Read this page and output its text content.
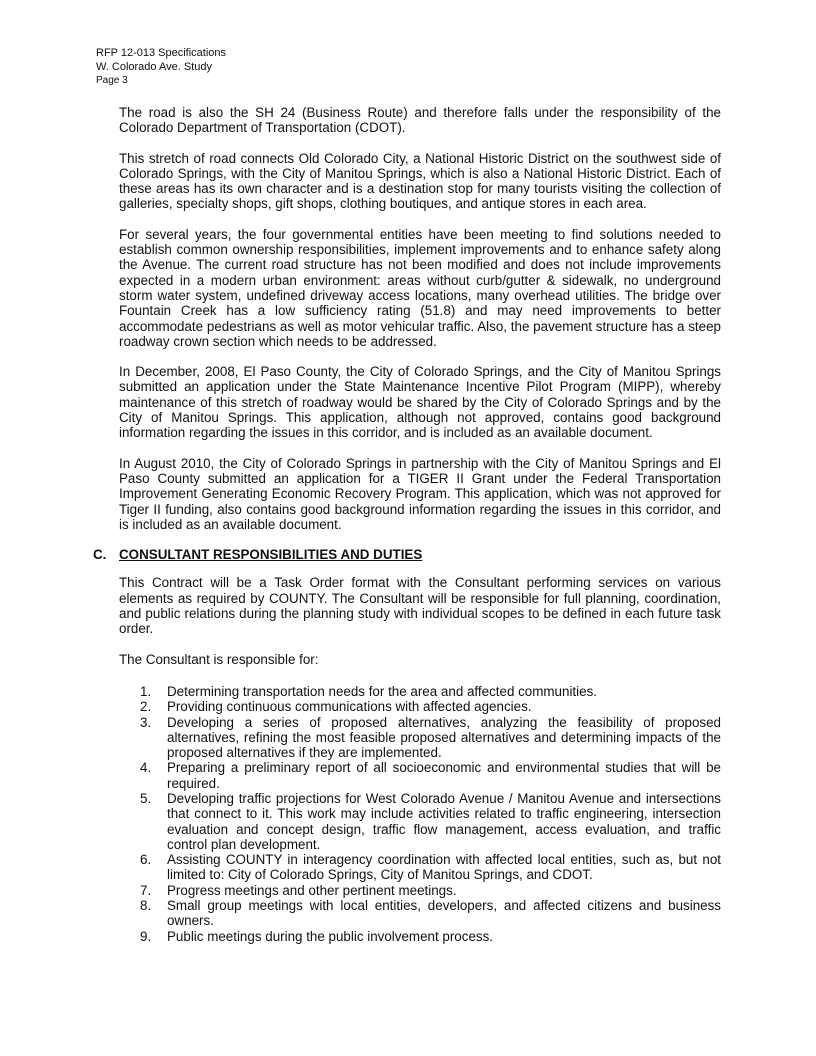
RFP 12-013 Specifications
W. Colorado Ave. Study
Page 3

The road is also the SH 24 (Business Route) and therefore falls under the responsibility of the Colorado Department of Transportation (CDOT).

This stretch of road connects Old Colorado City, a National Historic District on the southwest side of Colorado Springs, with the City of Manitou Springs, which is also a National Historic District. Each of these areas has its own character and is a destination stop for many tourists visiting the collection of galleries, specialty shops, gift shops, clothing boutiques, and antique stores in each area.

For several years, the four governmental entities have been meeting to find solutions needed to establish common ownership responsibilities, implement improvements and to enhance safety along the Avenue. The current road structure has not been modified and does not include improvements expected in a modern urban environment: areas without curb/gutter & sidewalk, no underground storm water system, undefined driveway access locations, many overhead utilities. The bridge over Fountain Creek has a low sufficiency rating (51.8) and may need improvements to better accommodate pedestrians as well as motor vehicular traffic. Also, the pavement structure has a steep roadway crown section which needs to be addressed.

In December, 2008, El Paso County, the City of Colorado Springs, and the City of Manitou Springs submitted an application under the State Maintenance Incentive Pilot Program (MIPP), whereby maintenance of this stretch of roadway would be shared by the City of Colorado Springs and by the City of Manitou Springs. This application, although not approved, contains good background information regarding the issues in this corridor, and is included as an available document.

In August 2010, the City of Colorado Springs in partnership with the City of Manitou Springs and El Paso County submitted an application for a TIGER II Grant under the Federal Transportation Improvement Generating Economic Recovery Program. This application, which was not approved for Tiger II funding, also contains good background information regarding the issues in this corridor, and is included as an available document.

C. CONSULTANT RESPONSIBILITIES AND DUTIES

This Contract will be a Task Order format with the Consultant performing services on various elements as required by COUNTY. The Consultant will be responsible for full planning, coordination, and public relations during the planning study with individual scopes to be defined in each future task order.

The Consultant is responsible for:

1. Determining transportation needs for the area and affected communities.
2. Providing continuous communications with affected agencies.
3. Developing a series of proposed alternatives, analyzing the feasibility of proposed alternatives, refining the most feasible proposed alternatives and determining impacts of the proposed alternatives if they are implemented.
4. Preparing a preliminary report of all socioeconomic and environmental studies that will be required.
5. Developing traffic projections for West Colorado Avenue / Manitou Avenue and intersections that connect to it. This work may include activities related to traffic engineering, intersection evaluation and concept design, traffic flow management, access evaluation, and traffic control plan development.
6. Assisting COUNTY in interagency coordination with affected local entities, such as, but not limited to: City of Colorado Springs, City of Manitou Springs, and CDOT.
7. Progress meetings and other pertinent meetings.
8. Small group meetings with local entities, developers, and affected citizens and business owners.
9. Public meetings during the public involvement process.
